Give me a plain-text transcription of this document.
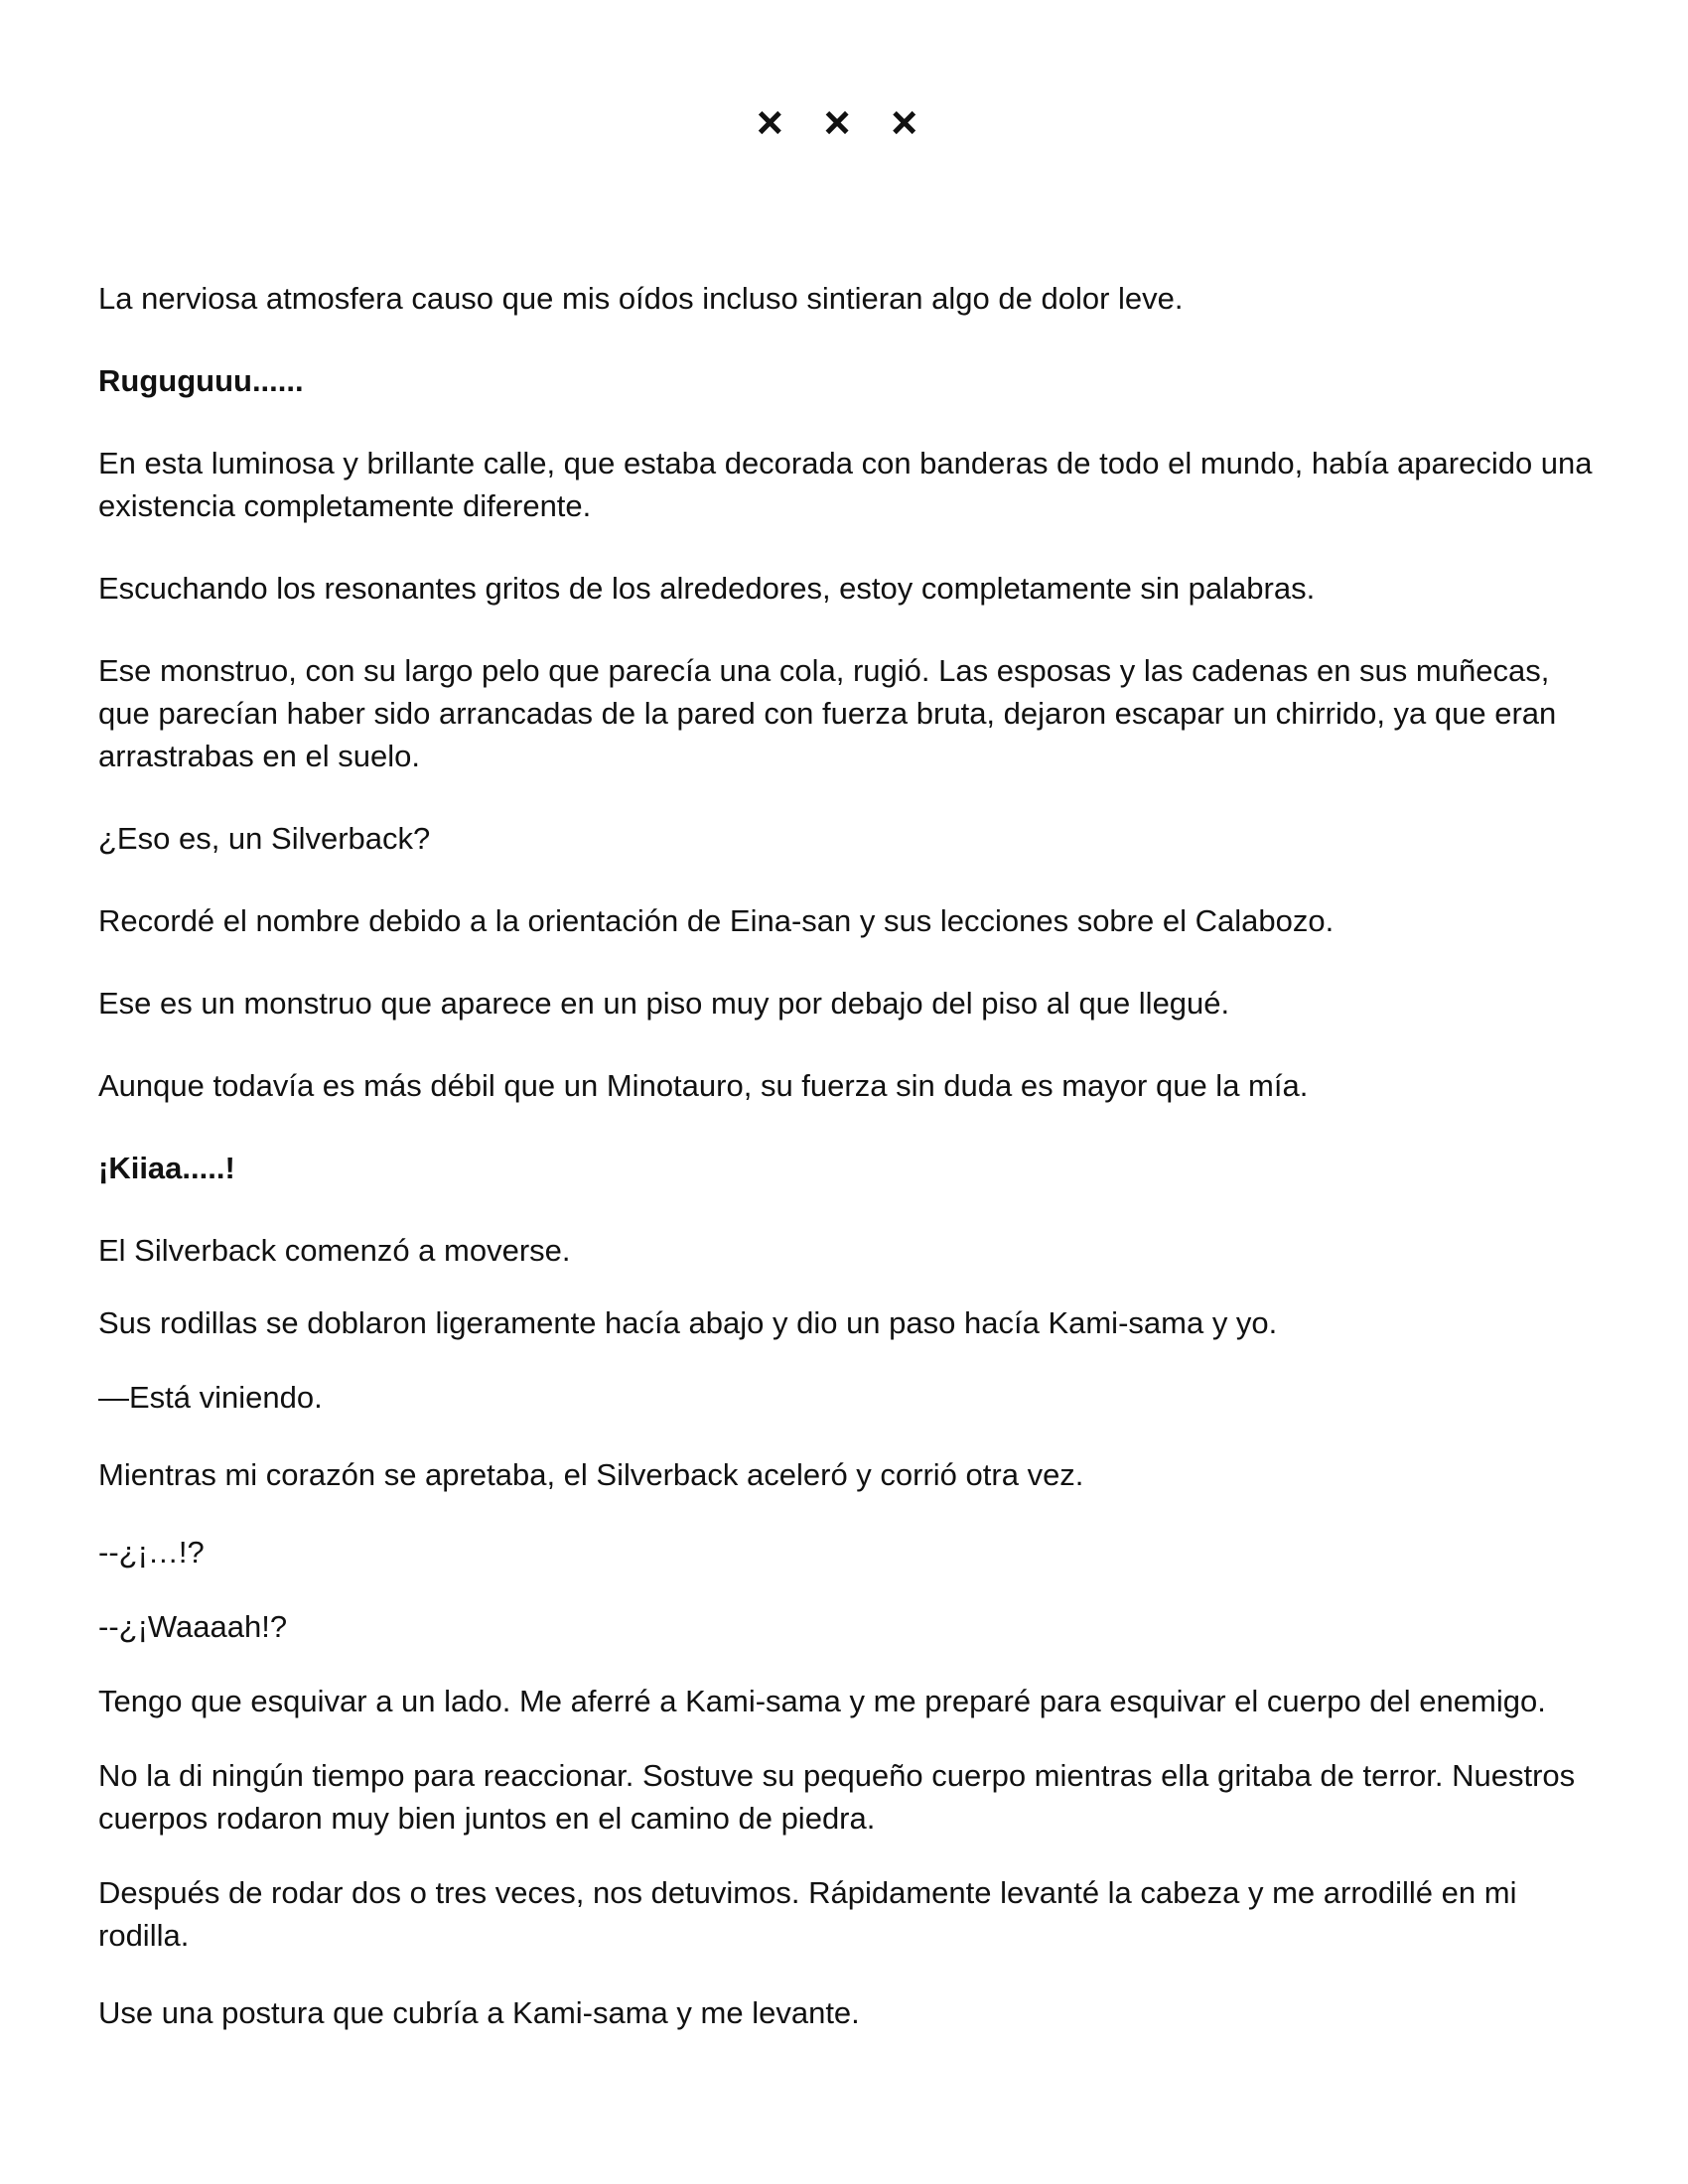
× × ×

La nerviosa atmosfera causo que mis oídos incluso sintieran algo de dolor leve.

Ruguguuu......

En esta luminosa y brillante calle, que estaba decorada con banderas de todo el mundo, había aparecido una existencia completamente diferente.

Escuchando los resonantes gritos de los alrededores, estoy completamente sin palabras.

Ese monstruo, con su largo pelo que parecía una cola, rugió. Las esposas y las cadenas en sus muñecas, que parecían haber sido arrancadas de la pared con fuerza bruta, dejaron escapar un chirrido, ya que eran arrastrabas en el suelo.

¿Eso es, un Silverback?

Recordé el nombre debido a la orientación de Eina-san y sus lecciones sobre el Calabozo.

Ese es un monstruo que aparece en un piso muy por debajo del piso al que llegué.

Aunque todavía es más débil que un Minotauro, su fuerza sin duda es mayor que la mía.

¡Kiiaa.....!

El Silverback comenzó a moverse.

Sus rodillas se doblaron ligeramente hacía abajo y dio un paso hacía Kami-sama y yo.

—Está viniendo.

Mientras mi corazón se apretaba, el Silverback aceleró y corrió otra vez.

--¿¡…!?

--¿¡Waaaah!?

Tengo que esquivar a un lado. Me aferré a Kami-sama y me preparé para esquivar el cuerpo del enemigo.

No la di ningún tiempo para reaccionar. Sostuve su pequeño cuerpo mientras ella gritaba de terror. Nuestros cuerpos rodaron muy bien juntos en el camino de piedra.

Después de rodar dos o tres veces, nos detuvimos. Rápidamente levanté la cabeza y me arrodillé en mi rodilla.

Use una postura que cubría a Kami-sama y me levante.
